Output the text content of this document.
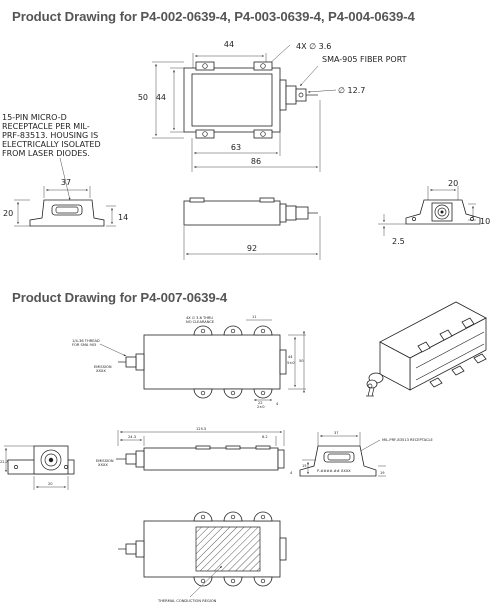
Product Drawing for P4-002-0639-4, P4-003-0639-4, P4-004-0639-4
Product Drawing for P4-007-0639-4
44	4X ∅ 3.6
SMA-905 FIBER PORT
∅ 12.7
50 44
63
86
15-PIN MICRO-D
RECEPTACLE PER MIL-
PRF-83513. HOUSING IS
ELECTRICALLY ISOLATED
FROM LASER DIODES.
37
20	14
92
20
10
2.5
4X ∅ 3.6 THRU
NO CLEARANCE
11
1/4-36 THREAD
FOR SMA 905
EMISSION
XXXX
44
5±0 50
22
2±0
4
125.5
24.3	6.2
EMISSION
XXXX
22.7
20
37
MIL-PRF-83513 RECEPTACLE
P-####-## XXXX
15
19
4
THERMAL CONDUCTION REGION
